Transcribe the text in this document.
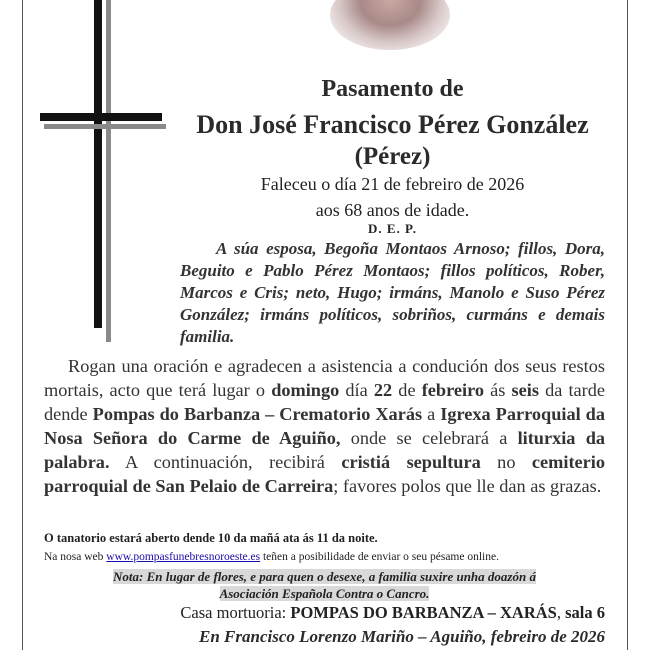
Pasamento de
Don José Francisco Pérez González
(Pérez)
Faleceu o día 21 de febreiro de 2026
aos 68 anos de idade.
D. E. P.
A súa esposa, Begoña Montaos Arnoso; fillos, Dora, Beguito e Pablo Pérez Montaos; fillos políticos, Rober, Marcos e Cris; neto, Hugo; irmáns, Manolo e Suso Pérez González; irmáns políticos, sobriños, curmáns e demais familia.
Rogan una oración e agradecen a asistencia a condución dos seus restos mortais, acto que terá lugar o domingo día 22 de febreiro ás seis da tarde dende Pompas do Barbanza – Crematorio Xarás a Igrexa Parroquial da Nosa Señora do Carme de Aguiño, onde se celebrará a liturxia da palabra. A continuación, recibirá cristiá sepultura no cemiterio parroquial de San Pelaio de Carreira; favores polos que lle dan as grazas.
O tanatorio estará aberto dende 10 da mañá ata ás 11 da noite.
Na nosa web www.pompasfunebresnoroeste.es teñen a posibilidade de enviar o seu pésame online.
Nota: En lugar de flores, e para quen o desexe, a familia suxire unha doazón á
Asociación Española Contra o Cancro.
Casa mortuoria: POMPAS DO BARBANZA – XARÁS, sala 6
En Francisco Lorenzo Mariño – Aguiño, febreiro de 2026
